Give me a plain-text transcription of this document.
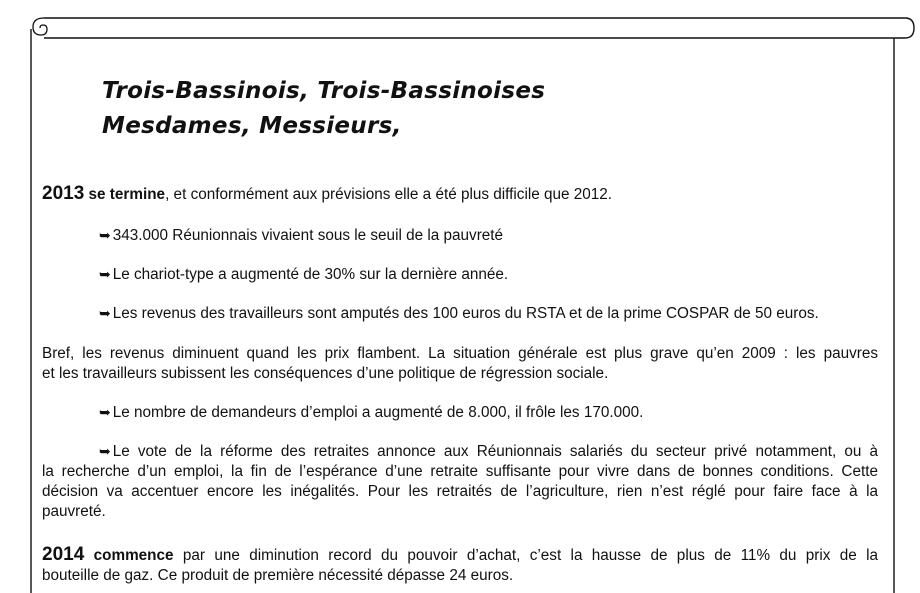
Trois-Bassinois, Trois-Bassinoises
Mesdames, Messieurs,
2013 se termine, et conformément aux prévisions elle a été plus difficile que 2012.
➥ 343.000 Réunionnais vivaient sous le seuil de la pauvreté
➥ Le chariot-type a augmenté de 30% sur la dernière année.
➥ Les revenus des travailleurs sont amputés des 100 euros du RSTA et de la prime COSPAR de 50 euros.
Bref, les revenus diminuent quand les prix flambent. La situation générale est plus grave qu’en 2009 : les pauvres
et les travailleurs subissent les conséquences d’une politique de régression sociale.
➥ Le nombre de demandeurs d’emploi a augmenté de 8.000, il frôle les 170.000.
➥ Le vote de la réforme des retraites annonce aux Réunionnais salariés du secteur privé notamment, ou à
la recherche d’un emploi, la fin de l’espérance d’une retraite suffisante pour vivre dans de bonnes conditions. Cette
décision va accentuer encore les inégalités. Pour les retraités de l’agriculture, rien n’est réglé pour faire face à la
pauvreté.
2014 commence par une diminution record du pouvoir d’achat, c’est la hausse de plus de 11% du prix de la
bouteille de gaz. Ce produit de première nécessité dépasse 24 euros.
